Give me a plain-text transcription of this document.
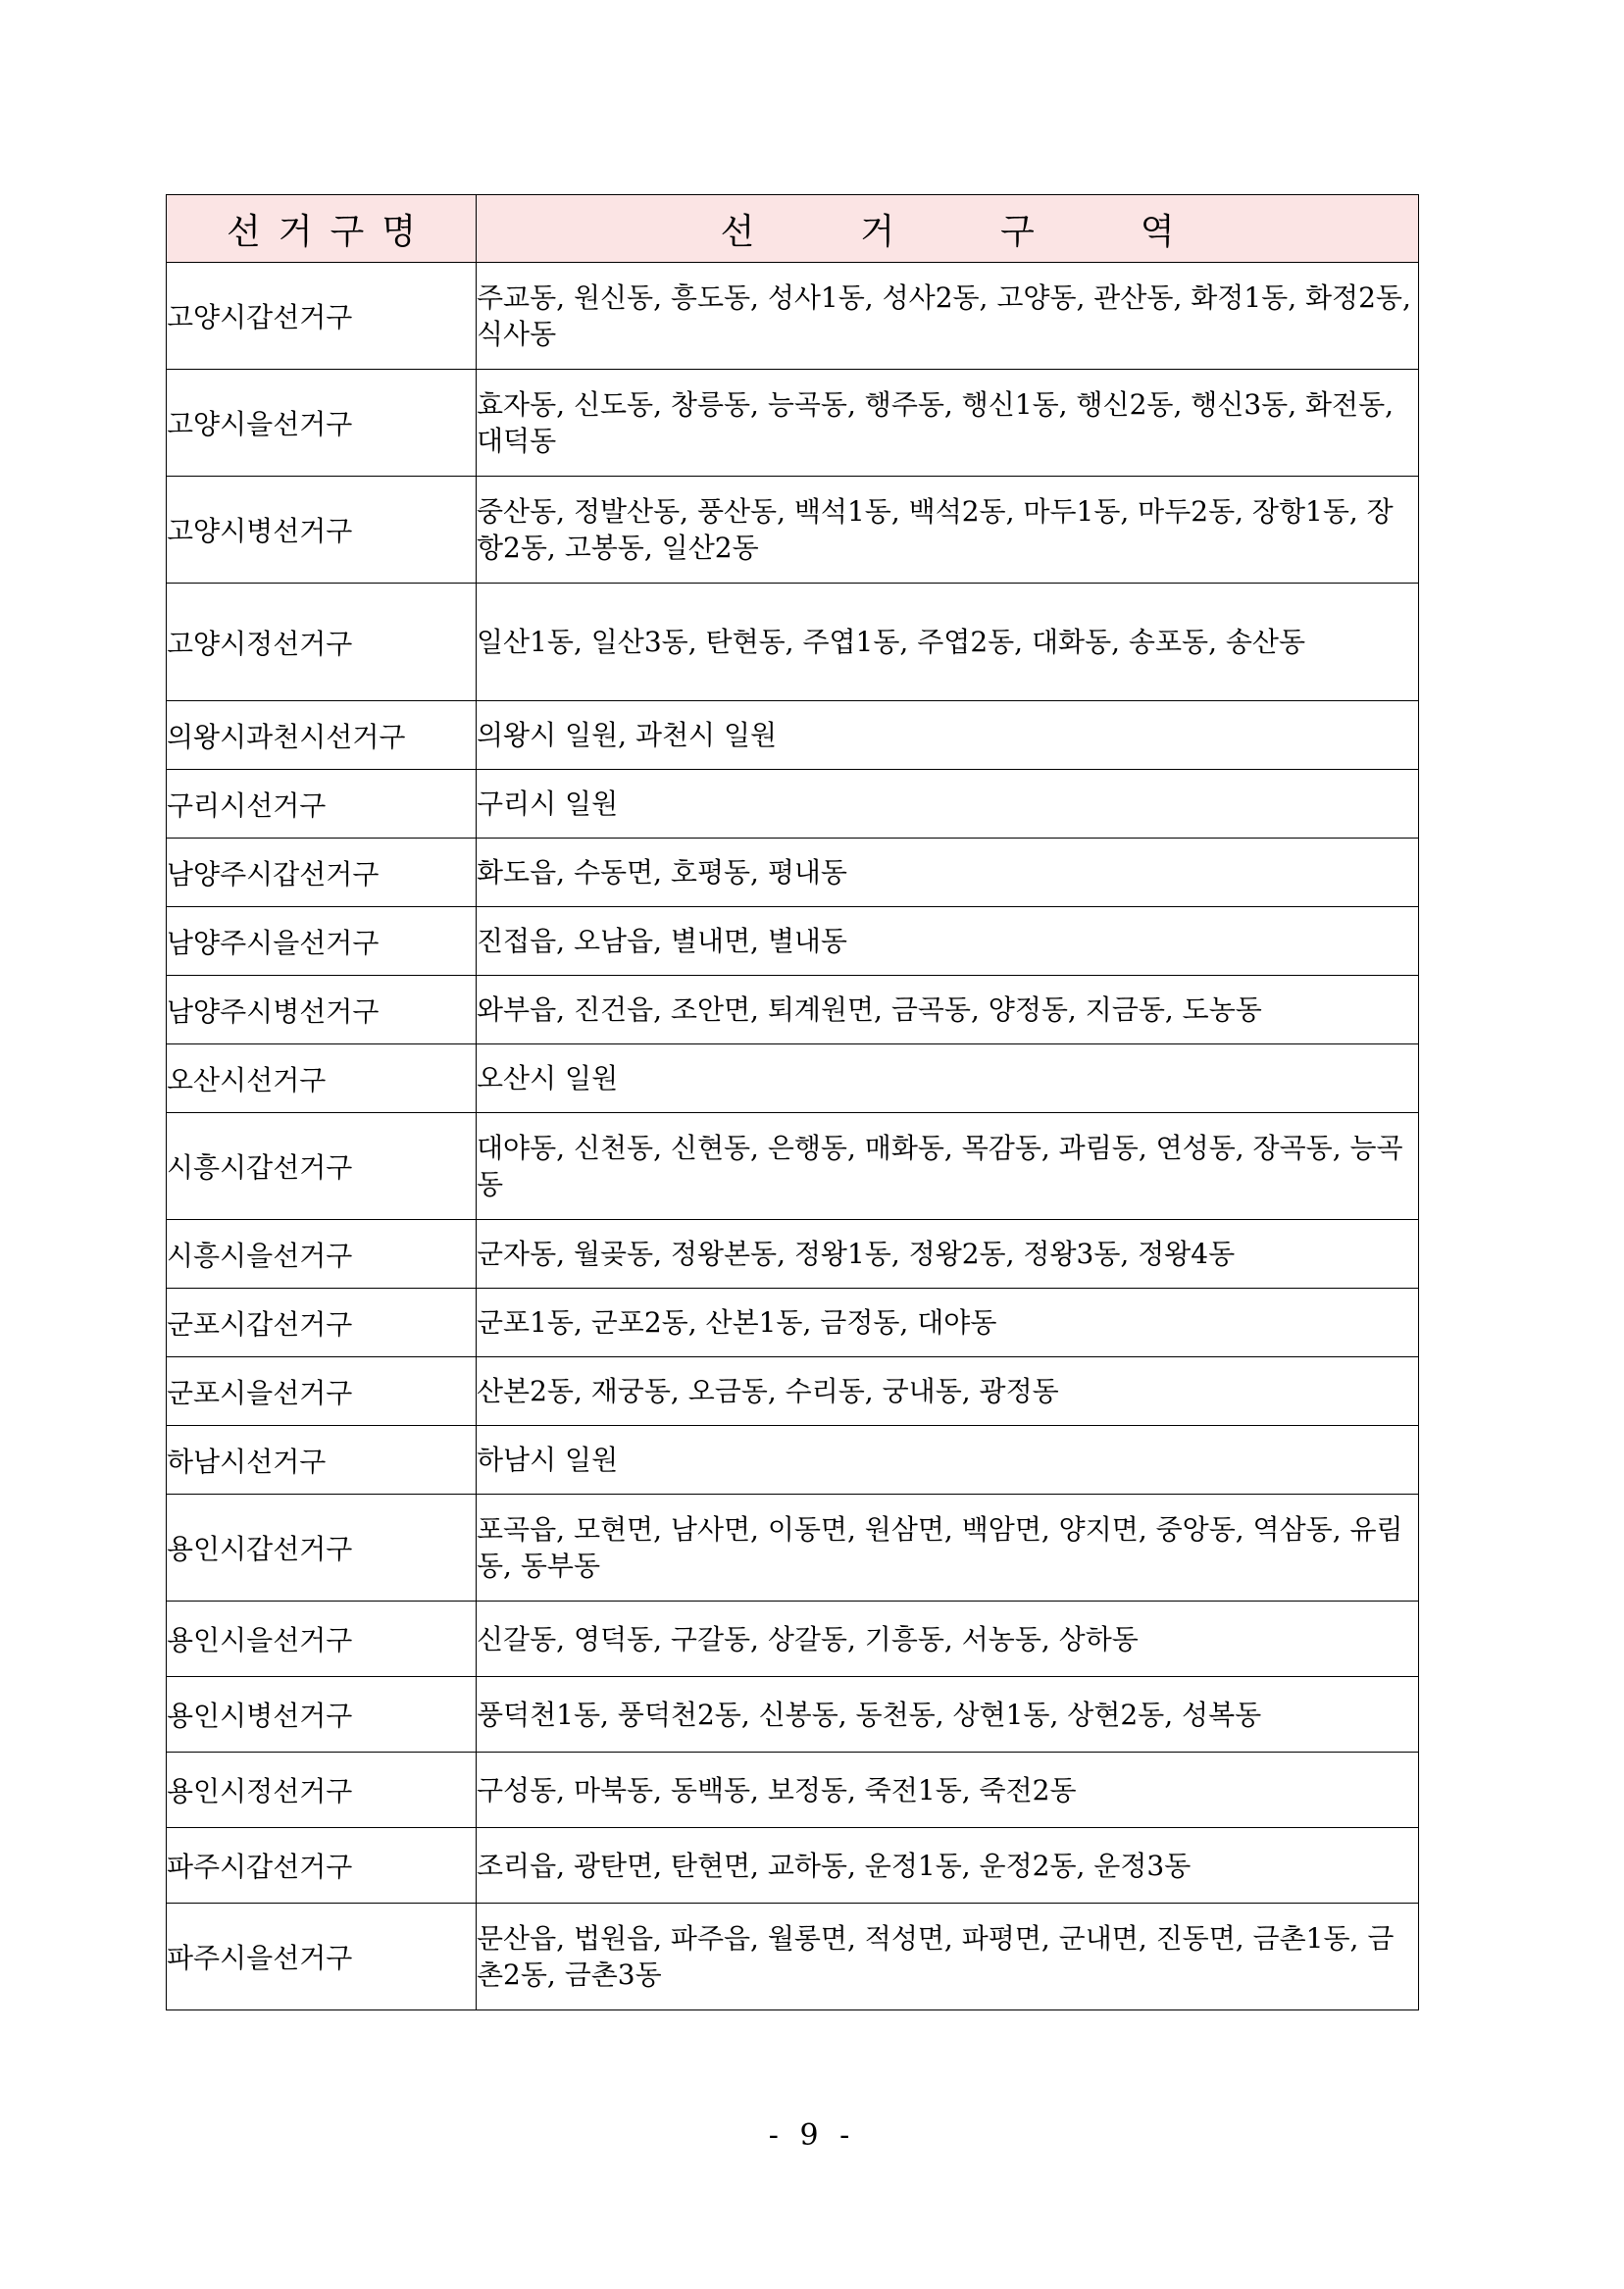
선거구명	선거구역
고양시갑선거구	주교동, 원신동, 흥도동, 성사1동, 성사2동, 고양동, 관산동, 화정1동, 화정2동, 식사동
고양시을선거구	효자동, 신도동, 창릉동, 능곡동, 행주동, 행신1동, 행신2동, 행신3동, 화전동, 대덕동
고양시병선거구	중산동, 정발산동, 풍산동, 백석1동, 백석2동, 마두1동, 마두2동, 장항1동, 장항2동, 고봉동, 일산2동
고양시정선거구	일산1동, 일산3동, 탄현동, 주엽1동, 주엽2동, 대화동, 송포동, 송산동
의왕시과천시선거구	의왕시 일원, 과천시 일원
구리시선거구	구리시 일원
남양주시갑선거구	화도읍, 수동면, 호평동, 평내동
남양주시을선거구	진접읍, 오남읍, 별내면, 별내동
남양주시병선거구	와부읍, 진건읍, 조안면, 퇴계원면, 금곡동, 양정동, 지금동, 도농동
오산시선거구	오산시 일원
시흥시갑선거구	대야동, 신천동, 신현동, 은행동, 매화동, 목감동, 과림동, 연성동, 장곡동, 능곡동
시흥시을선거구	군자동, 월곶동, 정왕본동, 정왕1동, 정왕2동, 정왕3동, 정왕4동
군포시갑선거구	군포1동, 군포2동, 산본1동, 금정동, 대야동
군포시을선거구	산본2동, 재궁동, 오금동, 수리동, 궁내동, 광정동
하남시선거구	하남시 일원
용인시갑선거구	포곡읍, 모현면, 남사면, 이동면, 원삼면, 백암면, 양지면, 중앙동, 역삼동, 유림동, 동부동
용인시을선거구	신갈동, 영덕동, 구갈동, 상갈동, 기흥동, 서농동, 상하동
용인시병선거구	풍덕천1동, 풍덕천2동, 신봉동, 동천동, 상현1동, 상현2동, 성복동
용인시정선거구	구성동, 마북동, 동백동, 보정동, 죽전1동, 죽전2동
파주시갑선거구	조리읍, 광탄면, 탄현면, 교하동, 운정1동, 운정2동, 운정3동
파주시을선거구	문산읍, 법원읍, 파주읍, 월롱면, 적성면, 파평면, 군내면, 진동면, 금촌1동, 금촌2동, 금촌3동
- 9 -
